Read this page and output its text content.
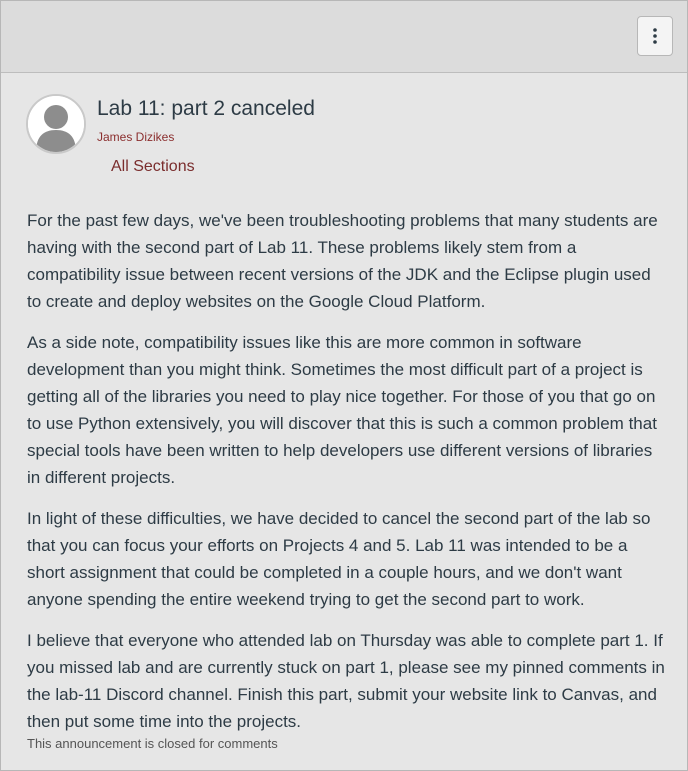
Lab 11: part 2 canceled
James Dizikes
All Sections

For the past few days, we've been troubleshooting problems that many students are having with the second part of Lab 11. These problems likely stem from a compatibility issue between recent versions of the JDK and the Eclipse plugin used to create and deploy websites on the Google Cloud Platform.

As a side note, compatibility issues like this are more common in software development than you might think. Sometimes the most difficult part of a project is getting all of the libraries you need to play nice together. For those of you that go on to use Python extensively, you will discover that this is such a common problem that special tools have been written to help developers use different versions of libraries in different projects.

In light of these difficulties, we have decided to cancel the second part of the lab so that you can focus your efforts on Projects 4 and 5. Lab 11 was intended to be a short assignment that could be completed in a couple hours, and we don't want anyone spending the entire weekend trying to get the second part to work.

I believe that everyone who attended lab on Thursday was able to complete part 1. If you missed lab and are currently stuck on part 1, please see my pinned comments in the lab-11 Discord channel. Finish this part, submit your website link to Canvas, and then put some time into the projects.

This announcement is closed for comments
